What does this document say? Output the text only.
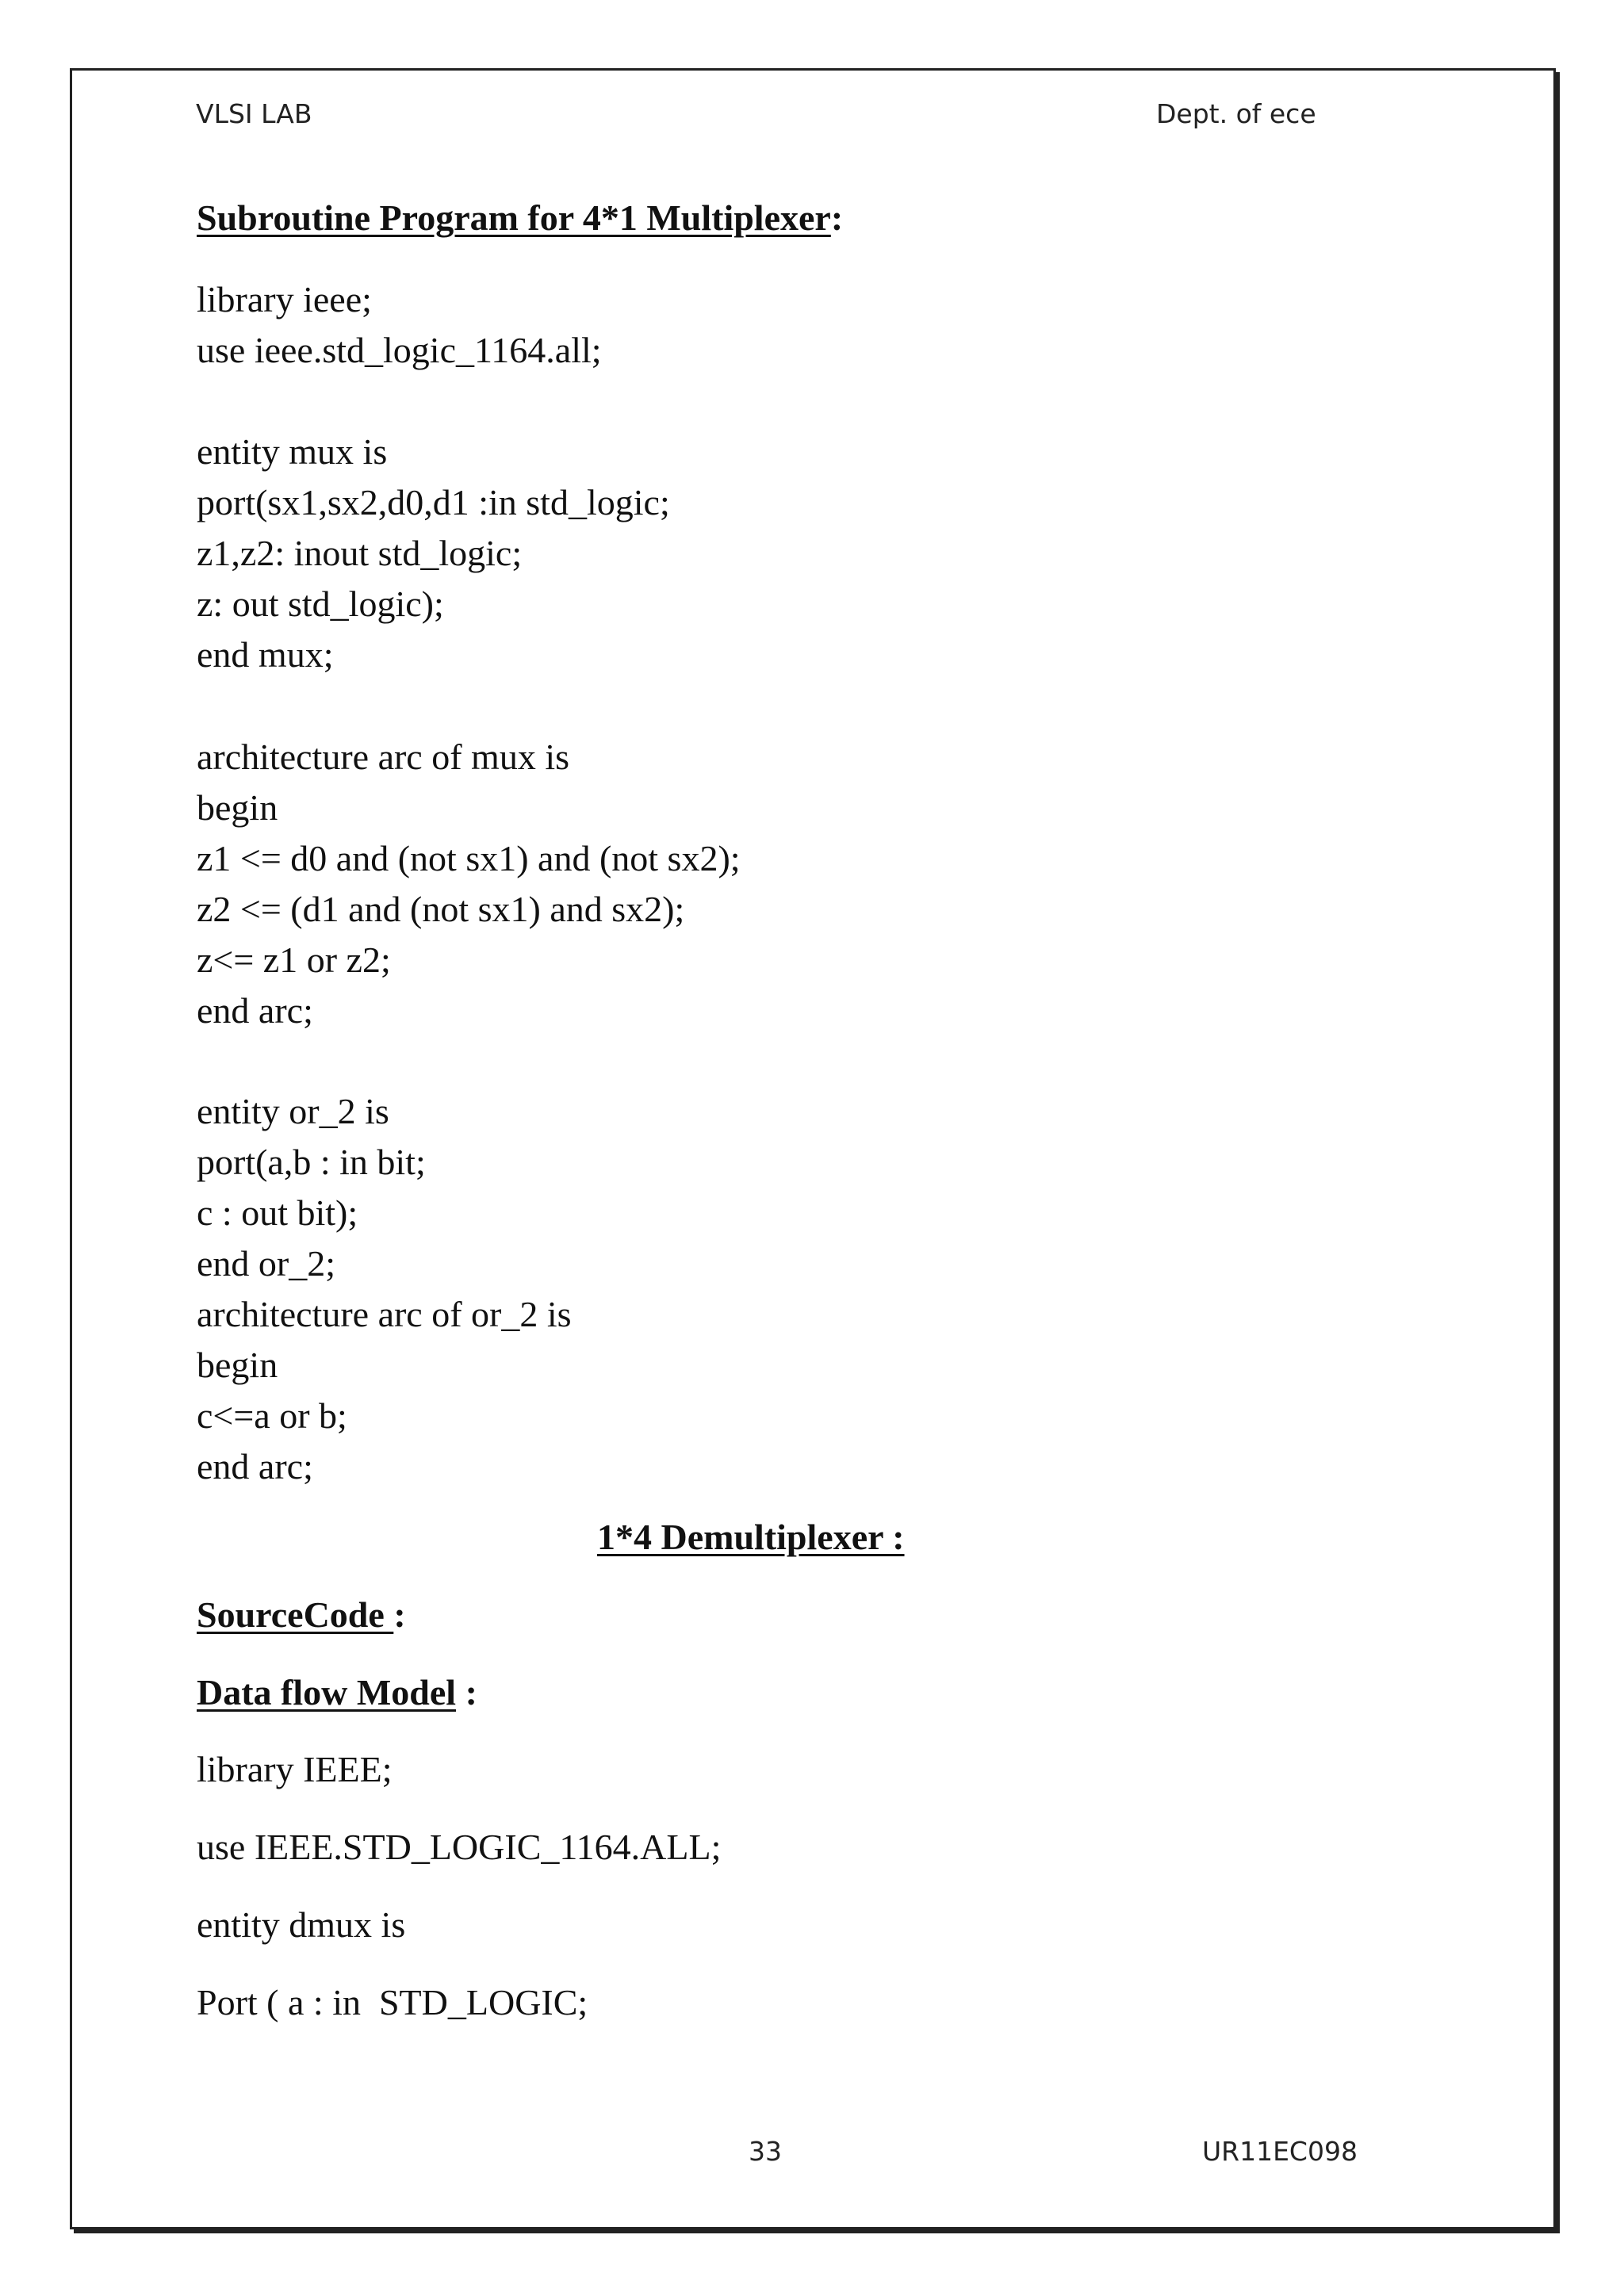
VLSI LAB	Dept. of ece
Subroutine Program for 4*1 Multiplexer:
library ieee;
use ieee.std_logic_1164.all;
entity mux is
port(sx1,sx2,d0,d1 :in std_logic;
z1,z2: inout std_logic;
z: out std_logic);
end mux;
architecture arc of mux is
begin
z1 <= d0 and (not sx1) and (not sx2);
z2 <= (d1 and (not sx1) and sx2);
z<= z1 or z2;
end arc;
entity or_2 is
port(a,b : in bit;
c : out bit);
end or_2;
architecture arc of or_2 is
begin
c<=a or b;
end arc;
1*4 Demultiplexer :
SourceCode :
Data flow Model :
library IEEE;
use IEEE.STD_LOGIC_1164.ALL;
entity dmux is
Port ( a : in  STD_LOGIC;
33	UR11EC098
